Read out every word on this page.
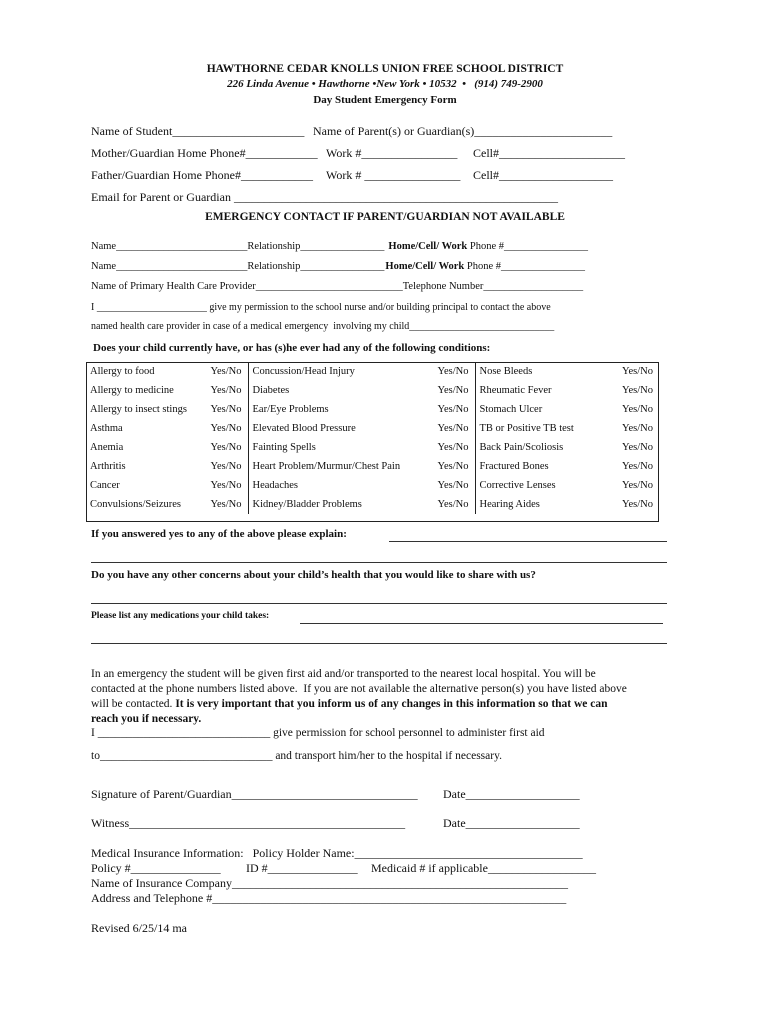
HAWTHORNE CEDAR KNOLLS UNION FREE SCHOOL DISTRICT
226 Linda Avenue • Hawthorne •New York • 10532  •   (914) 749-2900
Day Student Emergency Form
Name of Student______________________ Name of Parent(s) or Guardian(s)_______________________
Mother/Guardian Home Phone#____________ Work #________________ Cell#_____________________
Father/Guardian Home Phone#____________ Work # ________________ Cell#___________________
Email for Parent or Guardian ______________________________________________________
EMERGENCY CONTACT IF PARENT/GUARDIAN NOT AVAILABLE
Name_________________________Relationship________________ Home/Cell/ Work Phone #________________
Name_________________________Relationship________________Home/Cell/ Work Phone #________________
Name of Primary Health Care Provider____________________________Telephone Number___________________
I ______________________ give my permission to the school nurse and/or building principal to contact the above
named health care provider in case of a medical emergency  involving my child_____________________________
Does your child currently have, or has (s)he ever had any of the following conditions:
Allergy to food	Yes/No	Concussion/Head Injury	Yes/No	Nose Bleeds	Yes/No
Allergy to medicine	Yes/No	Diabetes	Yes/No	Rheumatic Fever	Yes/No
Allergy to insect stings	Yes/No	Ear/Eye Problems	Yes/No	Stomach Ulcer	Yes/No
Asthma	Yes/No	Elevated Blood Pressure	Yes/No	TB or Positive TB test	Yes/No
Anemia	Yes/No	Fainting Spells	Yes/No	Back Pain/Scoliosis	Yes/No
Arthritis	Yes/No	Heart Problem/Murmur/Chest Pain	Yes/No	Fractured Bones	Yes/No
Cancer	Yes/No	Headaches	Yes/No	Corrective Lenses	Yes/No
Convulsions/Seizures	Yes/No	Kidney/Bladder Problems	Yes/No	Hearing Aides	Yes/No
If you answered yes to any of the above please explain:
Do you have any other concerns about your child’s health that you would like to share with us?
Please list any medications your child takes:
In an emergency the student will be given first aid and/or transported to the nearest local hospital. You will be
contacted at the phone numbers listed above.  If you are not available the alternative person(s) you have listed above
will be contacted. It is very important that you inform us of any changes in this information so that we can
reach you if necessary.
I ______________________________ give permission for school personnel to administer first aid
to______________________________ and transport him/her to the hospital if necessary.
Signature of Parent/Guardian_______________________________ Date___________________
Witness______________________________________________	Date___________________
Medical Insurance Information:   Policy Holder Name:______________________________________
Policy #_______________ ID #_______________ Medicaid # if applicable__________________
Name of Insurance Company________________________________________________________
Address and Telephone #___________________________________________________________
Revised 6/25/14 ma
